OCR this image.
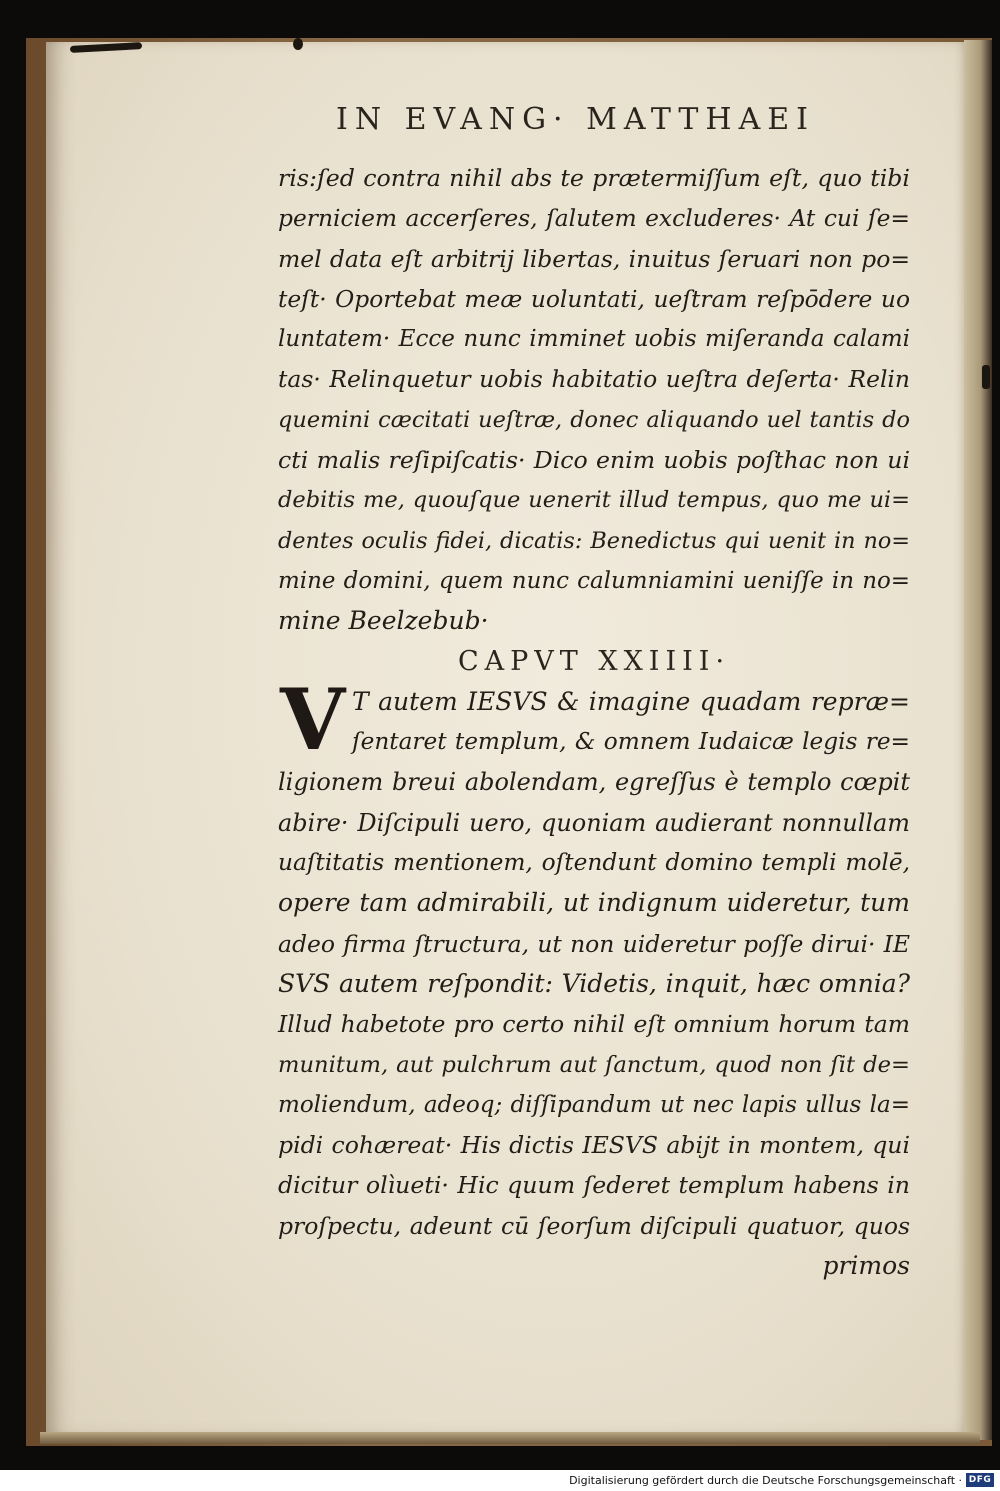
IN EVANG· MATTHAEI
V
ris:ſed contra nihil abs te prætermiſſum eſt, quo tibi
perniciem accerſeres, ſalutem excluderes· At cui ſe=
mel data eſt arbitrij libertas, inuitus ſeruari non po=
teſt· Oportebat meæ uoluntati, ueſtram reſpōdere uo
luntatem· Ecce nunc imminet uobis miſeranda calami
tas· Relinquetur uobis habitatio ueſtra deſerta· Relin
quemini cæcitati ueſtræ, donec aliquando uel tantis do
cti malis reſipiſcatis· Dico enim uobis poſthac non ui
debitis me, quouſque uenerit illud tempus, quo me ui=
dentes oculis fidei, dicatis: Benedictus qui uenit in no=
mine domini, quem nunc calumniamini ueniſſe in no=
mine Beelzebub·
CAPVT XXIIII·
T autem IESVS & imagine quadam repræ=
ſentaret templum, & omnem Iudaicæ legis re=
ligionem breui abolendam, egreſſus è templo cœpit
abire· Diſcipuli uero, quoniam audierant nonnullam
uaſtitatis mentionem, oſtendunt domino templi molē,
opere tam admirabili, ut indignum uideretur, tum
adeo firma ſtructura, ut non uideretur poſſe dirui· IE
SVS autem reſpondit: Videtis, inquit, hæc omnia?
Illud habetote pro certo nihil eſt omnium horum tam
munitum, aut pulchrum aut ſanctum, quod non ſit de=
moliendum, adeoq; diſſipandum ut nec lapis ullus la=
pidi cohæreat· His dictis IESVS abijt in montem, qui
dicitur olìueti· Hic quum ſederet templum habens in
proſpectu, adeunt cū ſeorſum diſcipuli quatuor, quos
primos
Digitalisierung gefördert durch die Deutsche Forschungsgemeinschaft · DFG
